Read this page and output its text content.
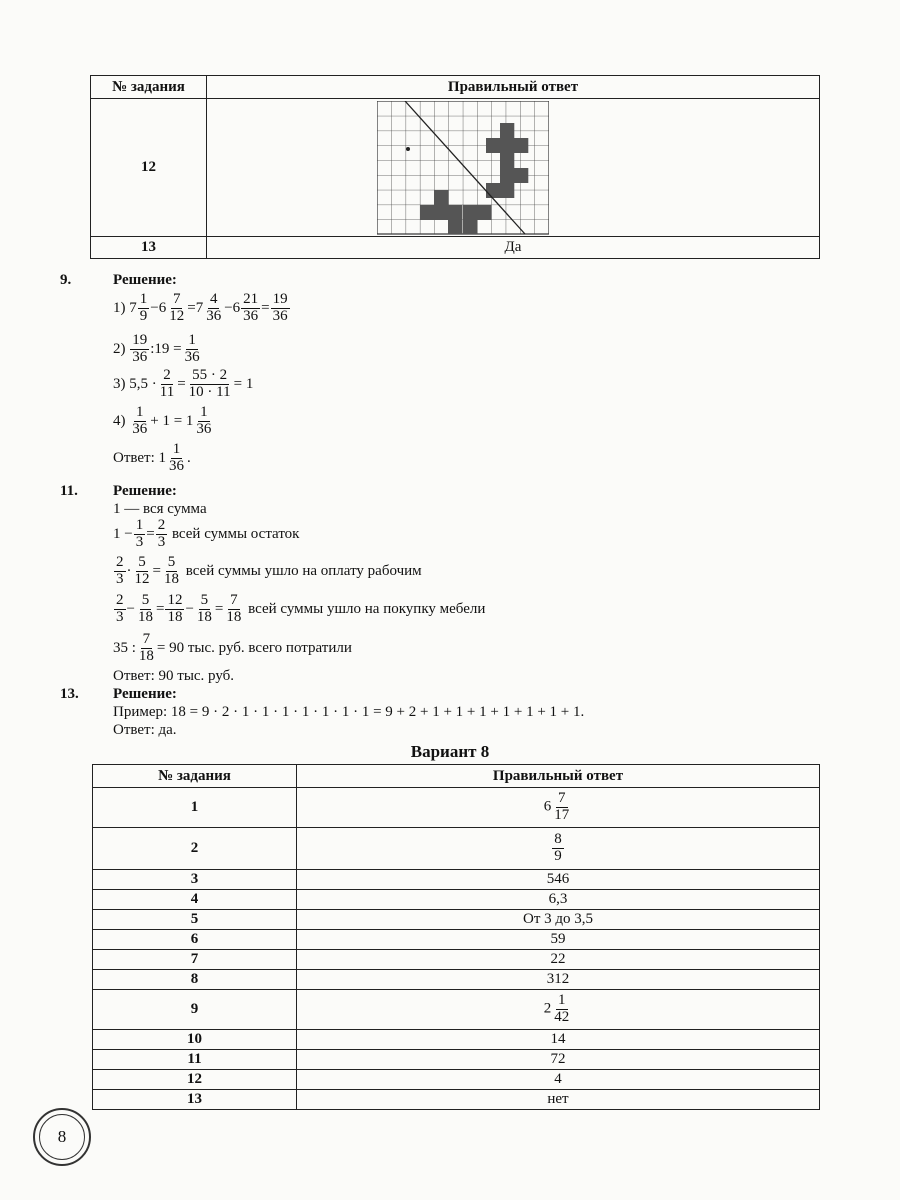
№ задания	Правильный ответ
12	

13	Да
9.	Решение:
1)
$7 \frac{1}{9} - 6 \frac{7}{12} = 7 \frac{4}{36} - 6 \frac{21}{36} = \frac{19}{36}$
2)
$\frac{19}{36}$ :19 = $\frac{1}{36}$
3)
$5,5 \cdot \frac{2}{11} = \frac{55 \cdot 2}{10 \cdot 11} = 1$
4)
$\frac{1}{36} + 1 = 1 \frac{1}{36}$
Ответ:
$1 \frac{1}{36}$ .
11. Решение:
1 — вся сумма
$1 - \frac{1}{3} = \frac{2}{3}$
всей суммы остаток
$\frac{2}{3} \cdot \frac{5}{12} = \frac{5}{18}$
всей суммы ушло на оплату рабочим
$\frac{2}{3} - \frac{5}{18} = \frac{12}{18} - \frac{5}{18} = \frac{7}{18}$
всей суммы ушло на покупку мебели
35 : $\frac{7}{18} = 90$ тыс. руб. всего потратили
Ответ: 90 тыс. руб.
13. Решение:
Пример: 18 = 9 · 2 · 1 · 1 · 1 · 1 · 1 · 1 · 1 = 9 + 2 + 1 + 1 + 1 + 1 + 1 + 1 + 1.
Ответ: да.
Вариант 8
№ задания	Правильный ответ
1	$6 \frac{7}{17}$

2	$\frac{8}{9}$

3	546
4	6,3
5	От 3 до 3,5
6	59
7	22
8	312
9	$2 \frac{1}{42}$

10	14
11	72
12	4
13	нет
8
